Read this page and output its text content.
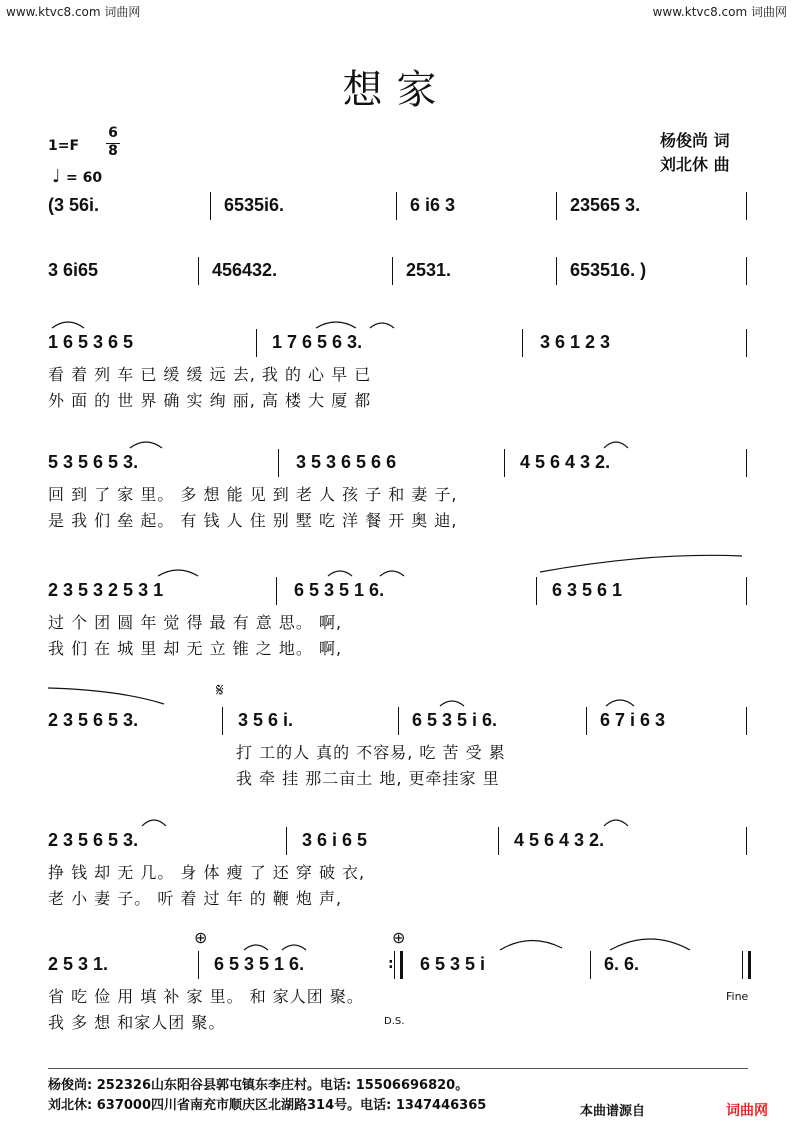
www.ktvc8.com 词曲网	www.ktvc8.com 词曲网
想家
1=F
6
8
♩ = 60
杨俊尚 词
刘北休 曲
(3 56i.	6535i6.	6 i6 3	23565 3.
3 6i65	456432.	2531.	653516. )
1 6 5 3 6 5	1 7 6 5 6 3.	3 6 1 2 3
看 着 列 车 已 缓 缓 远 去, 我 的 心 早 已
外 面 的 世 界 确 实 绚 丽, 高 楼 大 厦 都
5 3 5 6 5 3.	3 5 3 6 5 6 6	4 5 6 4 3 2.
回 到 了 家 里。 多 想 能 见 到 老 人 孩 子 和 妻 子,
是 我 们 垒 起。 有 钱 人 住 别 墅 吃 洋 餐 开 奥 迪,
2 3 5 3 2 5 3 1	6 5 3 5 1 6.	6 3 5 6 1
过 个 团 圆 年 觉 得 最 有 意 思。 啊,
我 们 在 城 里 却 无 立 锥 之 地。 啊,
𝄋
2 3 5 6 5 3.	3 5 6 i.	6 5 3 5 i 6.	6 7 i 6 3
打 工的人 真的 不容易, 吃 苦 受 累
我 牵 挂 那二亩土 地, 更牵挂家 里
2 3 5 6 5 3.	3 6 i 6 5	4 5 6 4 3 2.
挣 钱 却 无 几。 身 体 瘦 了 还 穿 破 衣,
老 小 妻 子。 听 着 过 年 的 鞭 炮 声,
⊕	⊕
2 5 3 1.	6 5 3 5 1 6.	: 6 5 3 5 i	6. 6.
省 吃 俭 用 填 补 家 里。 和 家人团 聚。
我 多 想 和家人团 聚。
Fine
D.S.
杨俊尚: 252326山东阳谷县郭屯镇东李庄村。电话: 15506696820。
刘北休: 637000四川省南充市顺庆区北湖路314号。电话: 1347446365	本曲谱源自	词曲网
